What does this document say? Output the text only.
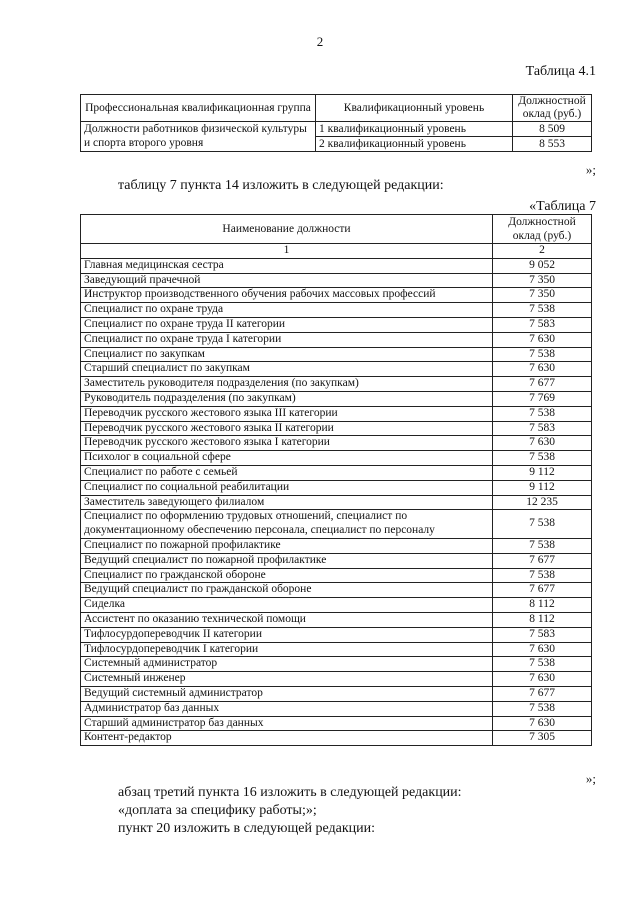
2
Таблица 4.1
Профессиональная квалификационная группа	Квалификационный уровень	Должностной оклад (руб.)
Должности работников физической культуры и спорта второго уровня	1 квалификационный уровень	8 509
	2 квалификационный уровень	8 553
»;
таблицу 7 пункта 14 изложить в следующей редакции:
«Таблица 7
Наименование должности	Должностной оклад (руб.)
1	2
Главная медицинская сестра	9 052
Заведующий прачечной	7 350
Инструктор производственного обучения рабочих массовых профессий	7 350
Специалист по охране труда	7 538
Специалист по охране труда II категории	7 583
Специалист по охране труда I категории	7 630
Специалист по закупкам	7 538
Старший специалист по закупкам	7 630
Заместитель руководителя подразделения (по закупкам)	7 677
Руководитель подразделения (по закупкам)	7 769
Переводчик русского жестового языка III категории	7 538
Переводчик русского жестового языка II категории	7 583
Переводчик русского жестового языка I категории	7 630
Психолог в социальной сфере	7 538
Специалист по работе с семьей	9 112
Специалист по социальной реабилитации	9 112
Заместитель заведующего филиалом	12 235
Специалист по оформлению трудовых отношений, специалист по документационному обеспечению персонала, специалист по персоналу	7 538
Специалист по пожарной профилактике	7 538
Ведущий специалист по пожарной профилактике	7 677
Специалист по гражданской обороне	7 538
Ведущий специалист по гражданской обороне	7 677
Сиделка	8 112
Ассистент по оказанию технической помощи	8 112
Тифлосурдопереводчик II категории	7 583
Тифлосурдопереводчик I категории	7 630
Системный администратор	7 538
Системный инженер	7 630
Ведущий системный администратор	7 677
Администратор баз данных	7 538
Старший администратор баз данных	7 630
Контент-редактор	7 305
»;
абзац третий пункта 16 изложить в следующей редакции:
«доплата за специфику работы;»;
пункт 20 изложить в следующей редакции:
